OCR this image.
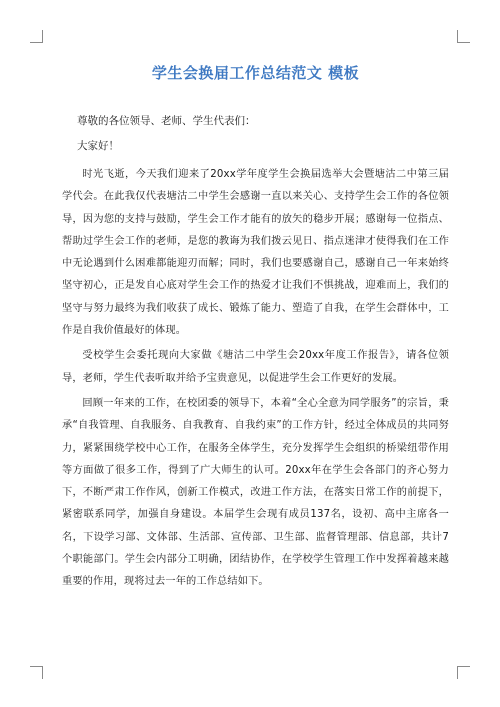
学生会换届工作总结范文 模板
尊敬的各位领导、老师、学生代表们：
大家好！

时光飞逝，今天我们迎来了20xx学年度学生会换届选举大会暨塘沽二中第三届学代会。在此我仅代表塘沽二中学生会感谢一直以来关心、支持学生会工作的各位领导，因为您的支持与鼓励，学生会工作才能有的放矢的稳步开展；感谢每一位指点、帮助过学生会工作的老师，是您的教诲为我们拨云见日、指点迷津才使得我们在工作中无论遇到什么困难都能迎刃而解；同时，我们也要感谢自己，感谢自己一年来始终坚守初心，正是发自心底对学生会工作的热爱才让我们不惧挑战，迎难而上，我们的坚守与努力最终为我们收获了成长、锻炼了能力、塑造了自我，在学生会群体中，工作是自我价值最好的体现。

受校学生会委托现向大家做《塘沽二中学生会20xx年度工作报告》，请各位领导，老师，学生代表听取并给予宝贵意见，以促进学生会工作更好的发展。

回顾一年来的工作，在校团委的领导下，本着“全心全意为同学服务”的宗旨，秉承“自我管理、自我服务、自我教育、自我约束”的工作方针，经过全体成员的共同努力，紧紧围绕学校中心工作，在服务全体学生，充分发挥学生会组织的桥梁纽带作用等方面做了很多工作，得到了广大师生的认可。20xx年在学生会各部门的齐心努力下，不断严肃工作作风，创新工作模式，改进工作方法，在落实日常工作的前提下，紧密联系同学，加强自身建设。本届学生会现有成员137名，设初、高中主席各一名，下设学习部、文体部、生活部、宣传部、卫生部、监督管理部、信息部，共计7个职能部门。学生会内部分工明确，团结协作，在学校学生管理工作中发挥着越来越重要的作用，现将过去一年的工作总结如下。
